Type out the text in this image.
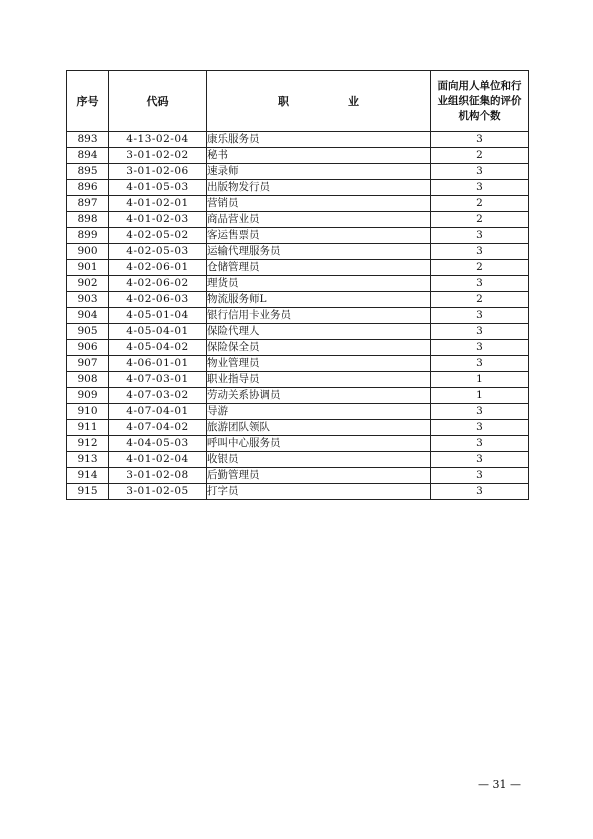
序号	代码	职　业	面向用人单位和行业组织征集的评价机构个数
893	4-13-02-04	康乐服务员	3
894	3-01-02-02	秘书	2
895	3-01-02-06	速录师	3
896	4-01-05-03	出版物发行员	3
897	4-01-02-01	营销员	2
898	4-01-02-03	商品营业员	2
899	4-02-05-02	客运售票员	3
900	4-02-05-03	运输代理服务员	3
901	4-02-06-01	仓储管理员	2
902	4-02-06-02	理货员	3
903	4-02-06-03	物流服务师L	2
904	4-05-01-04	银行信用卡业务员	3
905	4-05-04-01	保险代理人	3
906	4-05-04-02	保险保全员	3
907	4-06-01-01	物业管理员	3
908	4-07-03-01	职业指导员	1
909	4-07-03-02	劳动关系协调员	1
910	4-07-04-01	导游	3
911	4-07-04-02	旅游团队领队	3
912	4-04-05-03	呼叫中心服务员	3
913	4-01-02-04	收银员	3
914	3-01-02-08	后勤管理员	3
915	3-01-02-05	打字员	3
— 31 —
